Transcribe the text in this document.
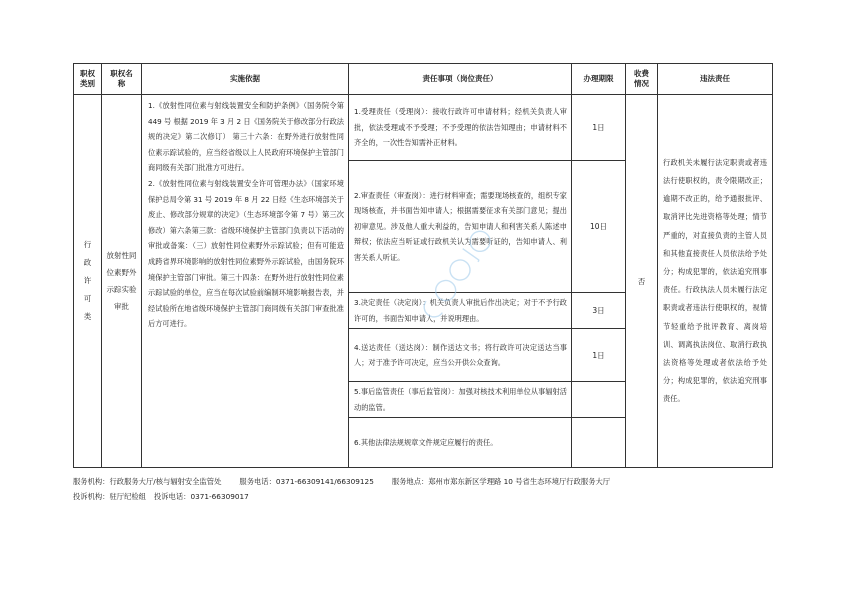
职权类别	职权名称	实施依据	责任事项（岗位责任）	办理期限	收费情况	违法责任
行政许可类	放射性同位素野外示踪实验审批	1.《放射性同位素与射线装置安全和防护条例》（国务院令第 449 号 根据 2019 年 3 月 2 日《国务院关于修改部分行政法规的决定》第二次修订） 第三十六条：在野外进行放射性同位素示踪试验的，应当经省级以上人民政府环境保护主管部门商同级有关部门批准方可进行。

2.《放射性同位素与射线装置安全许可管理办法》（国家环境保护总局令第 31 号 2019 年 8 月 22 日经《生态环境部关于废止、修改部分规章的决定》（生态环境部令第 7 号）第三次修改）第六条第三款：省级环境保护主管部门负责以下活动的审批或备案：（三）放射性同位素野外示踪试验；但有可能造成跨省界环境影响的放射性同位素野外示踪试验，由国务院环境保护主管部门审批。第三十四条：在野外进行放射性同位素示踪试验的单位，应当在每次试验前编制环境影响报告表，并经试验所在地省级环境保护主管部门商同级有关部门审查批准后方可进行。	1.受理责任（受理岗）：接收行政许可申请材料；经机关负责人审批，依法受理或不予受理；不予受理的依法告知理由；申请材料不齐全的，一次性告知需补正材料。	1日	否	行政机关未履行法定职责或者违法行使职权的，责令限期改正；逾期不改正的，给予通报批评、取消评比先进资格等处理；情节严重的，对直接负责的主管人员和其他直接责任人员依法给予处分；构成犯罪的，依法追究刑事责任。行政执法人员未履行法定职责或者违法行使职权的，视情节轻重给予批评教育、离岗培训、调离执法岗位、取消行政执法资格等处理或者依法给予处分；构成犯罪的，依法追究刑事责任。

			2.审查责任（审查岗）：进行材料审查；需要现场核查的，组织专家现场核查，并书面告知申请人；根据需要征求有关部门意见；提出初审意见。涉及他人重大利益的，告知申请人和利害关系人陈述申辩权；依法应当听证或行政机关认为需要听证的，告知申请人、利害关系人听证。	10日		

			3.决定责任（决定岗）：机关负责人审批后作出决定；对于不予行政许可的，书面告知申请人，并说明理由。	3日		

			4.送达责任（送达岗）：制作送达文书；将行政许可决定送达当事人；对于准予许可决定，应当公开供公众查询。	1日		

			5.事后监管责任（事后监管岗）：加强对核技术利用单位从事辐射活动的监管。			

			6.其他法律法规规章文件规定应履行的责任。			

服务机构：行政服务大厅/核与辐射安全监管处 服务电话：0371-66309141/66309125 服务地点：郑州市郑东新区学理路 10 号省生态环境厅行政服务大厅
投诉机构：驻厅纪检组 投诉电话：0371-66309017
